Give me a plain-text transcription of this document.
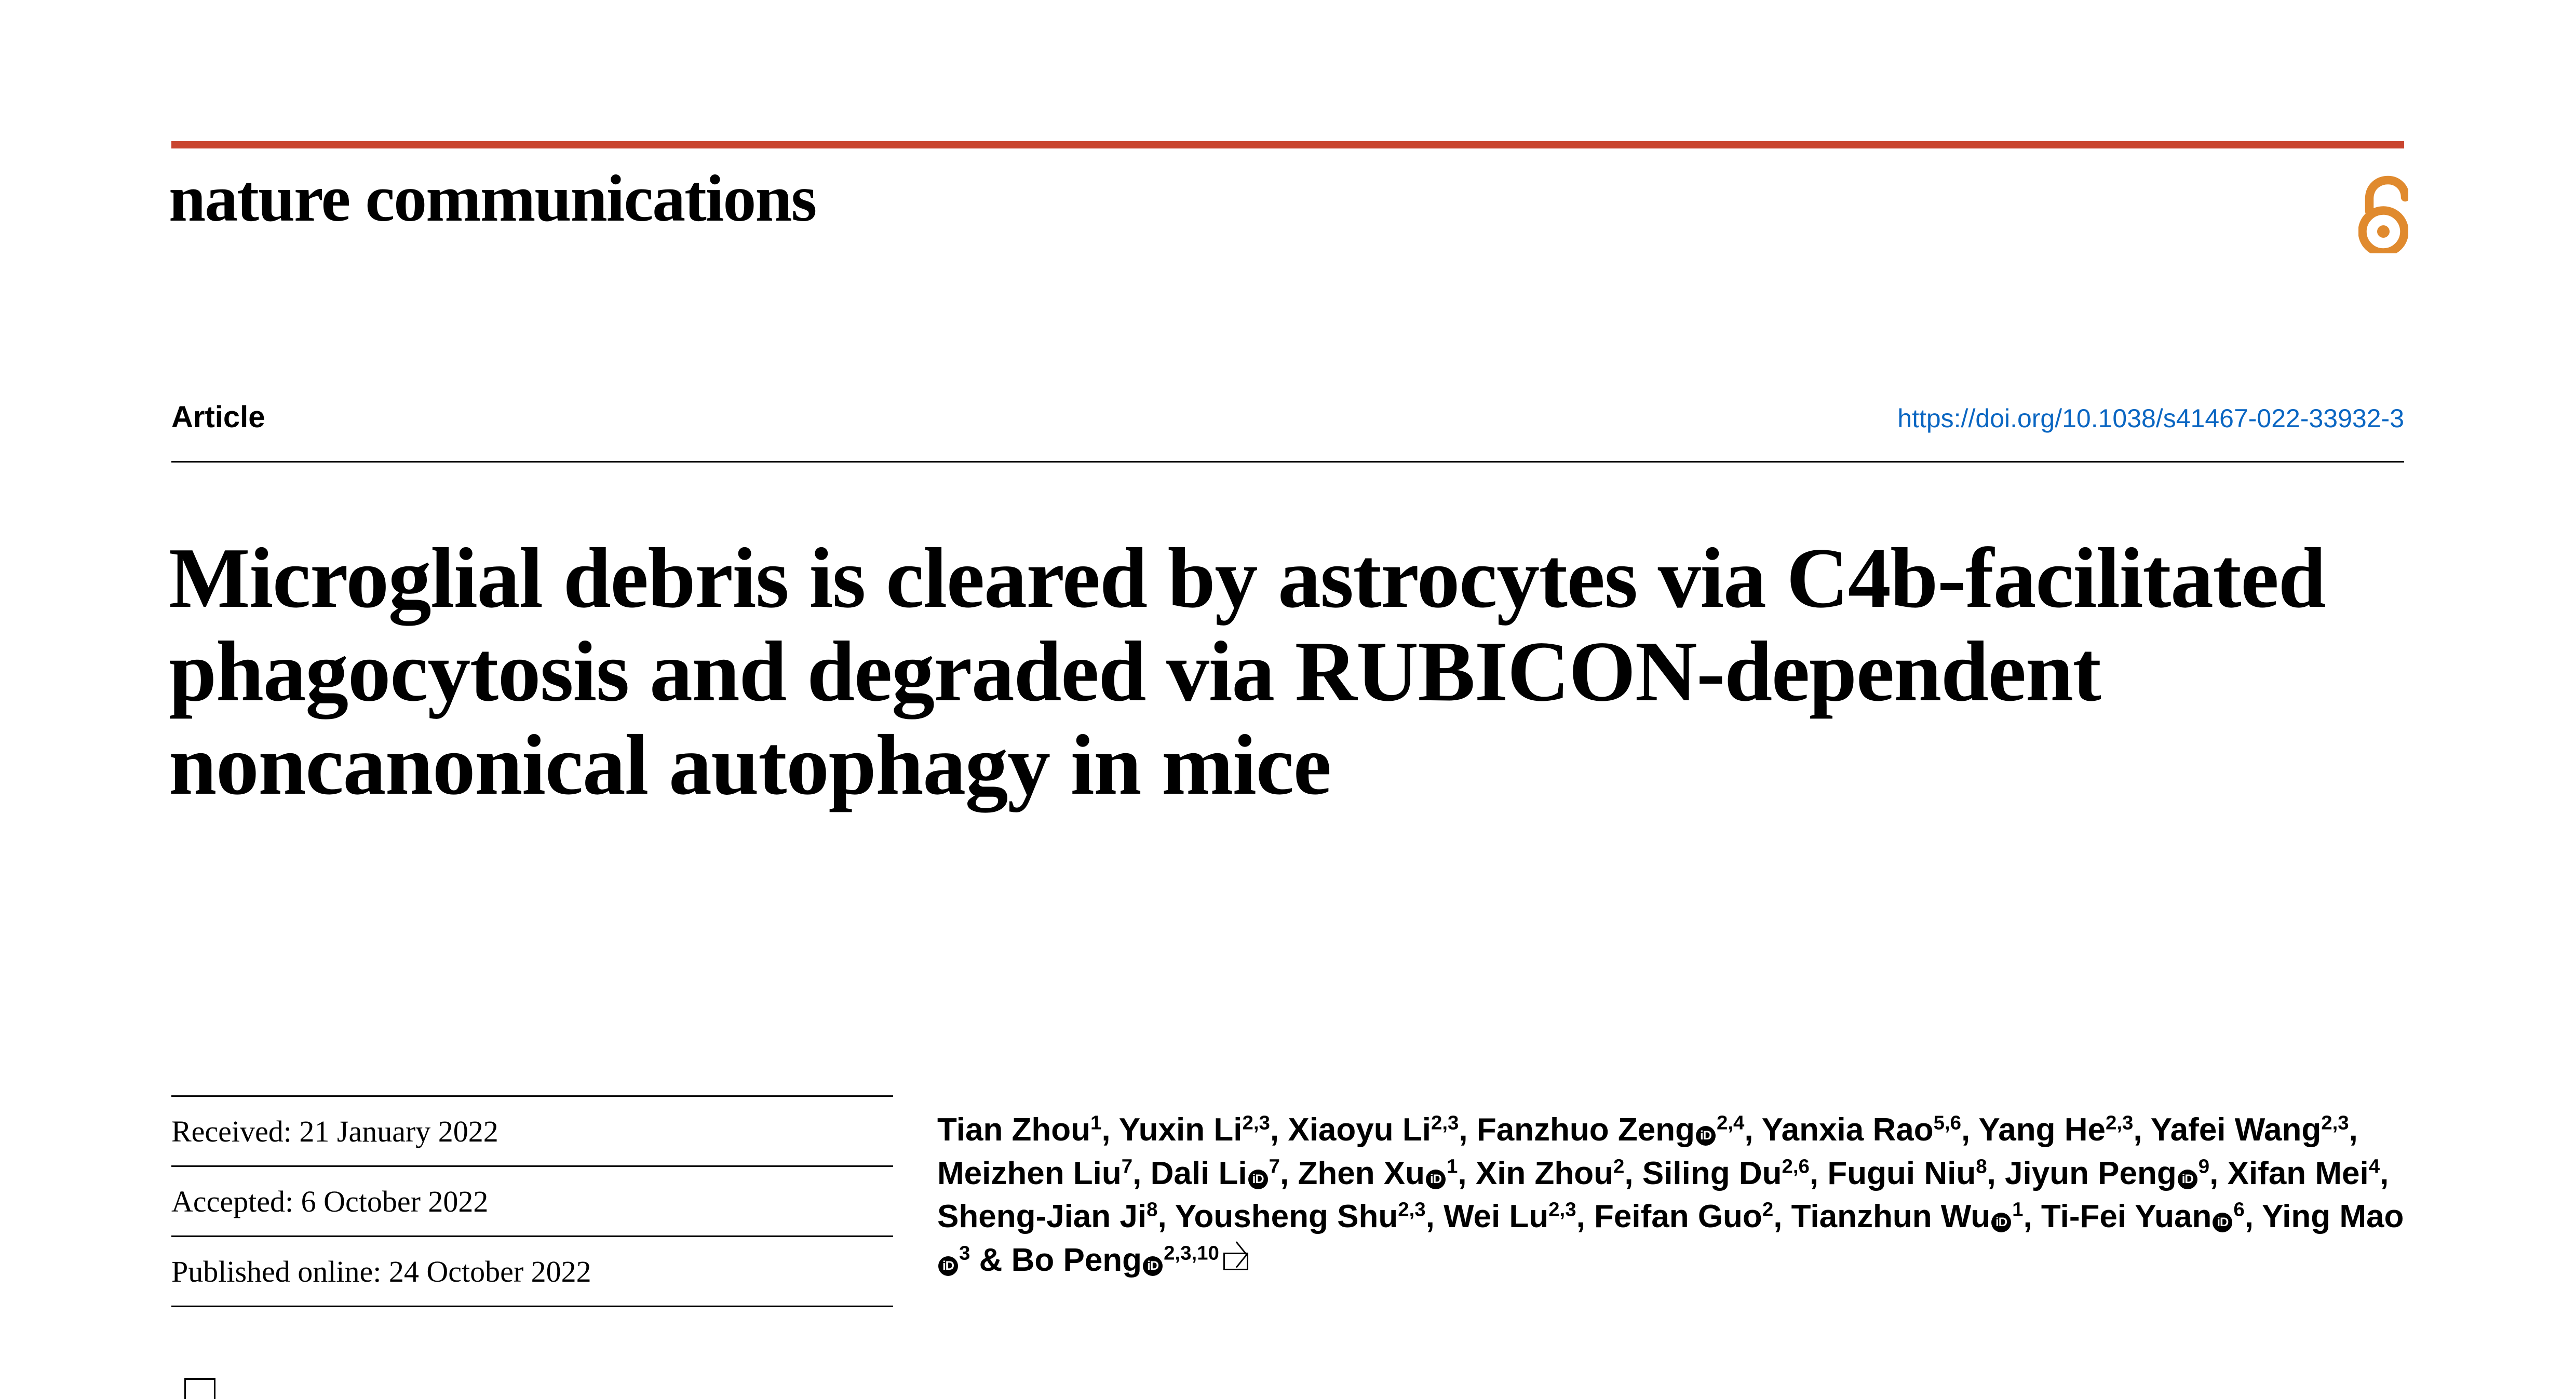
nature communications
Article	https://doi.org/10.1038/s41467-022-33932-3
Microglial debris is cleared by astrocytes via C4b-facilitated phagocytosis and degraded via RUBICON-dependent noncanonical autophagy in mice
Received: 21 January 2022
Accepted: 6 October 2022
Published online: 24 October 2022
Tian Zhou$^1$, Yuxin Li$^{2,3}$, Xiaoyu Li$^{2,3}$, Fanzhuo Zeng iD$^{2,4}$, Yanxia Rao$^{5,6}$, Yang He$^{2,3}$, Yafei Wang$^{2,3}$, Meizhen Liu$^7$, Dali Li $iD^7$, Zhen Xu $iD^1$, Xin Zhou$^2$, Siling Du$^{2,6}$, Fugui Niu$^8$, Jiyun Peng $iD^9$, Xifan Mei$^4$, Sheng-Jian Ji$^8$, Yousheng Shu$^{2,3}$, Wei Lu$^{2,3}$, Feifan Guo$^2$, Tianzhun Wu $iD^1$, Ti-Fei Yuan $iD^6$, Ying MaoiD$^3$ & Bo Peng iD$^{2,3,10}$
